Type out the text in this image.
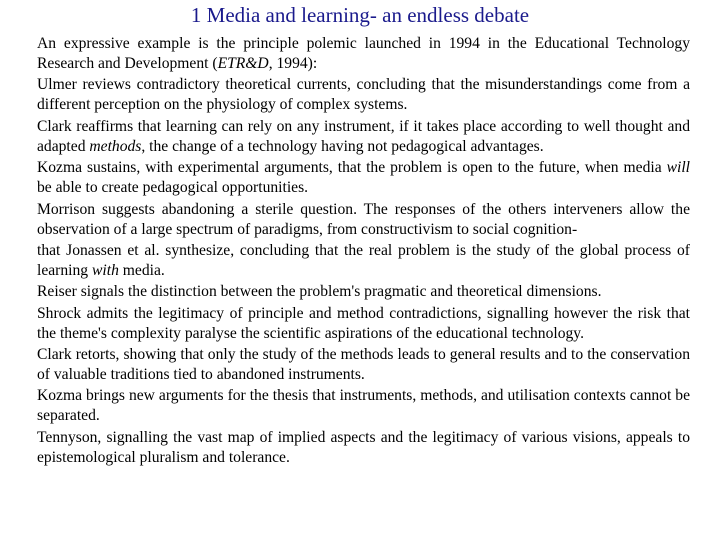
1 Media and learning- an endless debate

An expressive example is the principle polemic launched in 1994 in the Educational Technology Research and Development (ETR&D, 1994):

Ulmer reviews contradictory theoretical currents, concluding that the misunderstandings come from a different perception on the physiology of complex systems.

Clark reaffirms that learning can rely on any instrument, if it takes place according to well thought and adapted methods, the change of a technology having not pedagogical advantages.

Kozma sustains, with experimental arguments, that the problem is open to the future, when media will be able to create pedagogical opportunities.

Morrison suggests abandoning a sterile question. The responses of the others interveners allow the observation of a large spectrum of paradigms, from constructivism to social cognition-

that Jonassen et al. synthesize, concluding that the real problem is the study of the global process of learning with media.

Reiser signals the distinction between the problem's pragmatic and theoretical dimensions.

Shrock admits the legitimacy of principle and method contradictions, signalling however the risk that the theme's complexity paralyse the scientific aspirations of the educational technology.

Clark retorts, showing that only the study of the methods leads to general results and to the conservation of valuable traditions tied to abandoned instruments.

Kozma brings new arguments for the thesis that instruments, methods, and utilisation contexts cannot be separated.

Tennyson, signalling the vast map of implied aspects and the legitimacy of various visions, appeals to epistemological pluralism and tolerance.
